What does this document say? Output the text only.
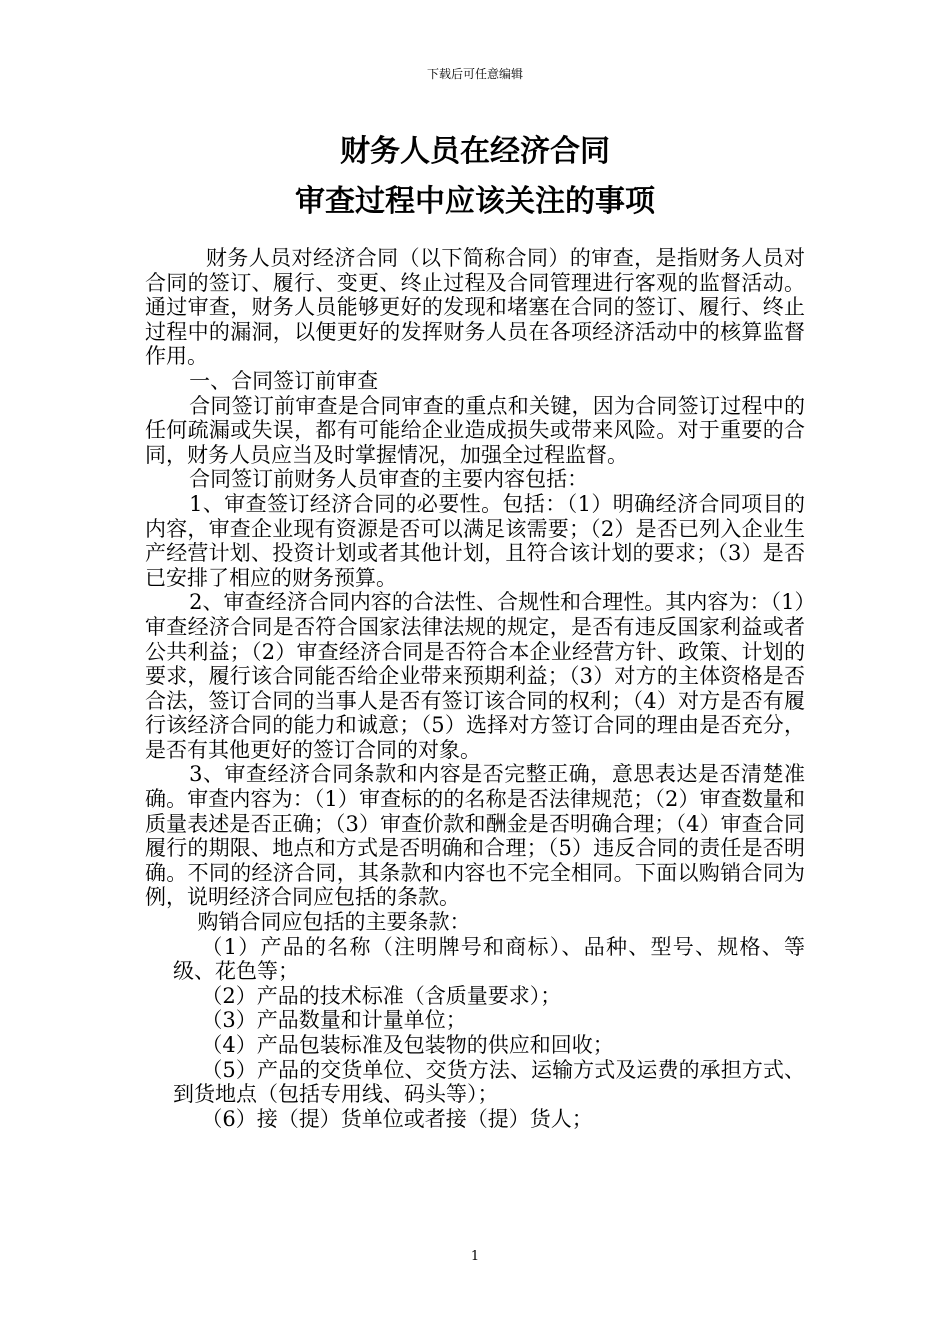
下载后可任意编辑
财务人员在经济合同
审查过程中应该关注的事项

财务人员对经济合同（以下简称合同）的审查，是指财务人员对合同的签订、履行、变更、终止过程及合同管理进行客观的监督活动。通过审查，财务人员能够更好的发现和堵塞在合同的签订、履行、终止过程中的漏洞，以便更好的发挥财务人员在各项经济活动中的核算监督作用。

一、合同签订前审查

合同签订前审查是合同审查的重点和关键，因为合同签订过程中的任何疏漏或失误，都有可能给企业造成损失或带来风险。对于重要的合同，财务人员应当及时掌握情况，加强全过程监督。

合同签订前财务人员审查的主要内容包括：

1、审查签订经济合同的必要性。包括：（1）明确经济合同项目的内容，审查企业现有资源是否可以满足该需要；（2）是否已列入企业生产经营计划、投资计划或者其他计划，且符合该计划的要求；（3）是否已安排了相应的财务预算。

2、审查经济合同内容的合法性、合规性和合理性。其内容为：（1）审查经济合同是否符合国家法律法规的规定，是否有违反国家利益或者公共利益；（2）审查经济合同是否符合本企业经营方针、政策、计划的要求，履行该合同能否给企业带来预期利益；（3）对方的主体资格是否合法，签订合同的当事人是否有签订该合同的权利；（4）对方是否有履行该经济合同的能力和诚意；（5）选择对方签订合同的理由是否充分，是否有其他更好的签订合同的对象。

3、审查经济合同条款和内容是否完整正确，意思表达是否清楚准确。审查内容为：（1）审查标的的名称是否法律规范；（2）审查数量和质量表述是否正确；（3）审查价款和酬金是否明确合理；（4）审查合同履行的期限、地点和方式是否明确和合理；（5）违反合同的责任是否明确。不同的经济合同，其条款和内容也不完全相同。下面以购销合同为例，说明经济合同应包括的条款。

购销合同应包括的主要条款：

（1）产品的名称（注明牌号和商标）、品种、型号、规格、等级、花色等；

（2）产品的技术标准（含质量要求）；

（3）产品数量和计量单位；

（4）产品包装标准及包装物的供应和回收；

（5）产品的交货单位、交货方法、运输方式及运费的承担方式、到货地点（包括专用线、码头等）；

（6）接（提）货单位或者接（提）货人；

1
